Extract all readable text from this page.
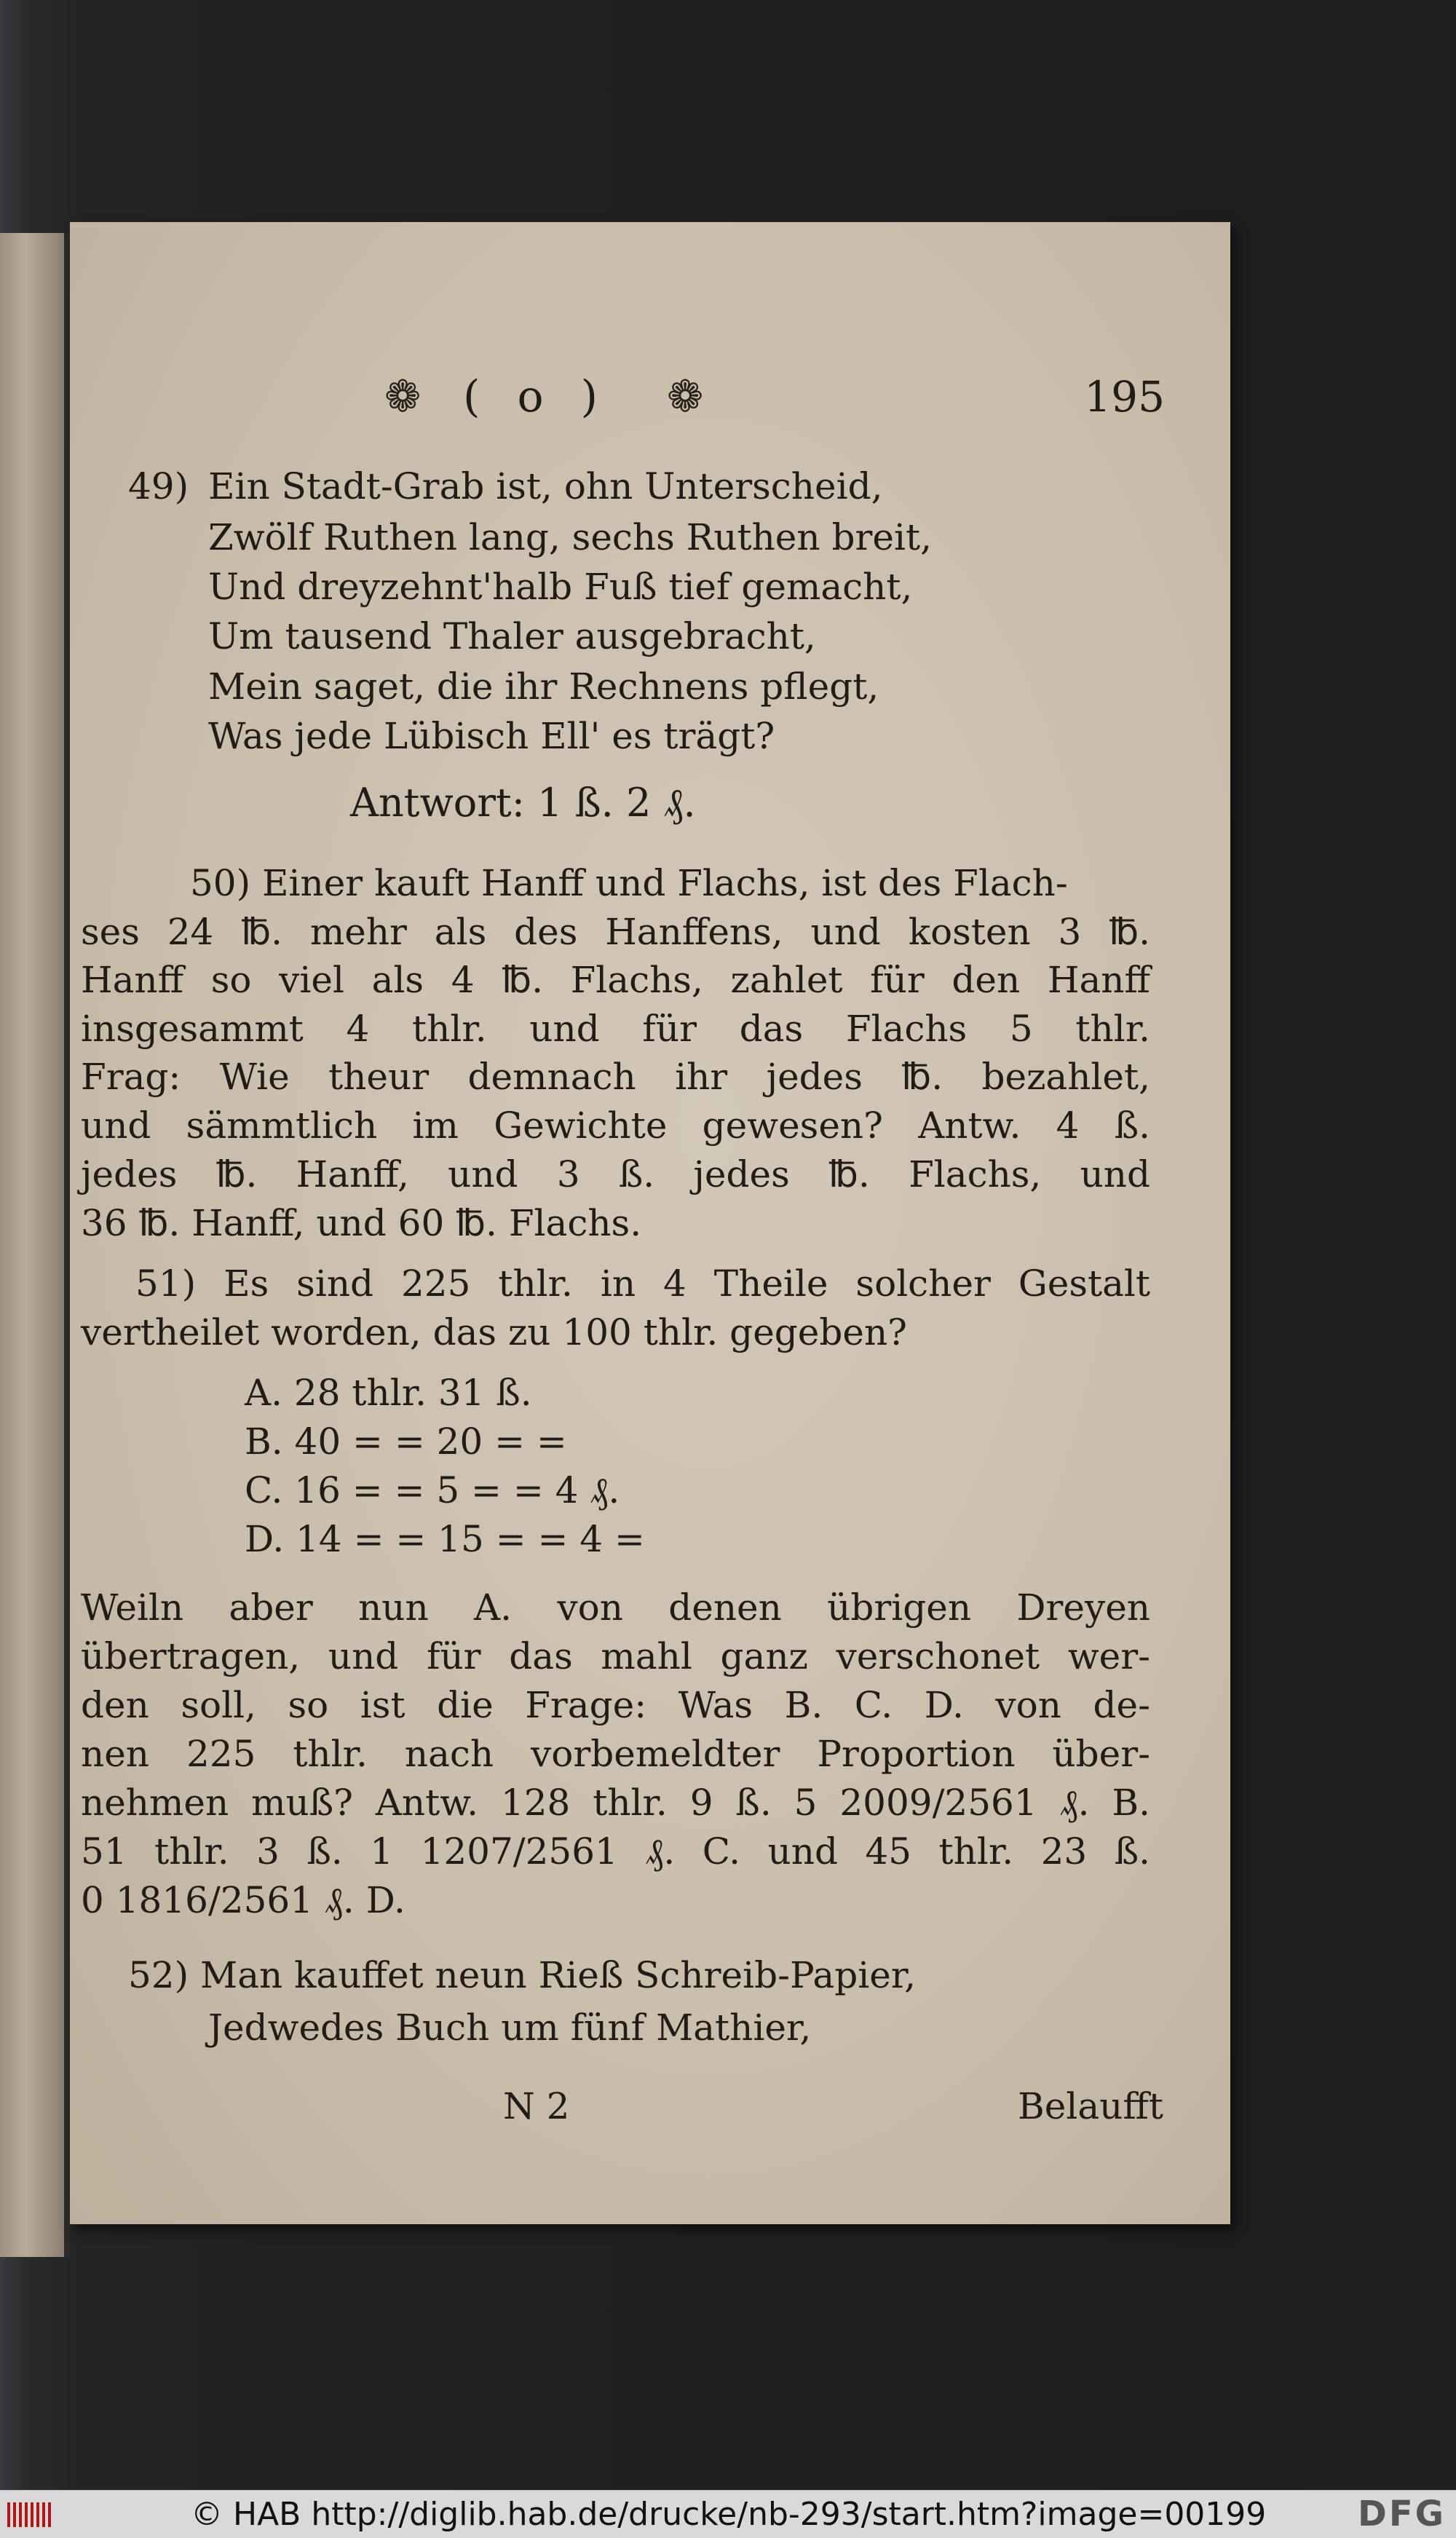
❁ ( o ) ❁	195
49) Ein Stadt-Grab ist, ohn Unterscheid,
Zwölf Ruthen lang, sechs Ruthen breit,
Und dreyzehnt'halb Fuß tief gemacht,
Um tausend Thaler ausgebracht,
Mein saget, die ihr Rechnens pflegt,
Was jede Lübisch Ell' es trägt?
Antwort: 1 ß. 2 ₰.
50) Einer kauft Hanff und Flachs, ist des Flach-
ses 24 ℔. mehr als des Hanffens, und kosten 3 ℔.
Hanff so viel als 4 ℔. Flachs, zahlet für den Hanff
insgesammt 4 thlr. und für das Flachs 5 thlr.
Frag: Wie theur demnach ihr jedes ℔. bezahlet,
und sämmtlich im Gewichte gewesen? Antw. 4 ß.
jedes ℔. Hanff, und 3 ß. jedes ℔. Flachs, und
36 ℔. Hanff, und 60 ℔. Flachs.
51) Es sind 225 thlr. in 4 Theile solcher Gestalt
vertheilet worden, das zu 100 thlr. gegeben?
A. 28 thlr. 31 ß.
B. 40 = = 20 = =
C. 16 = = 5 = = 4 ₰.
D. 14 = = 15 = = 4 =
Weiln aber nun A. von denen übrigen Dreyen
übertragen, und für das mahl ganz verschonet wer-
den soll, so ist die Frage: Was B. C. D. von de-
nen 225 thlr. nach vorbemeldter Proportion über-
nehmen muß? Antw. 128 thlr. 9 ß. 5 2009/2561 ₰. B.
51 thlr. 3 ß. 1 1207/2561 ₰. C. und 45 thlr. 23 ß.
0 1816/2561 ₰. D.
52) Man kauffet neun Rieß Schreib-Papier,
Jedwedes Buch um fünf Mathier,
N 2	Belaufft
© HAB http://diglib.hab.de/drucke/nb-293/start.htm?image=00199	DFG
